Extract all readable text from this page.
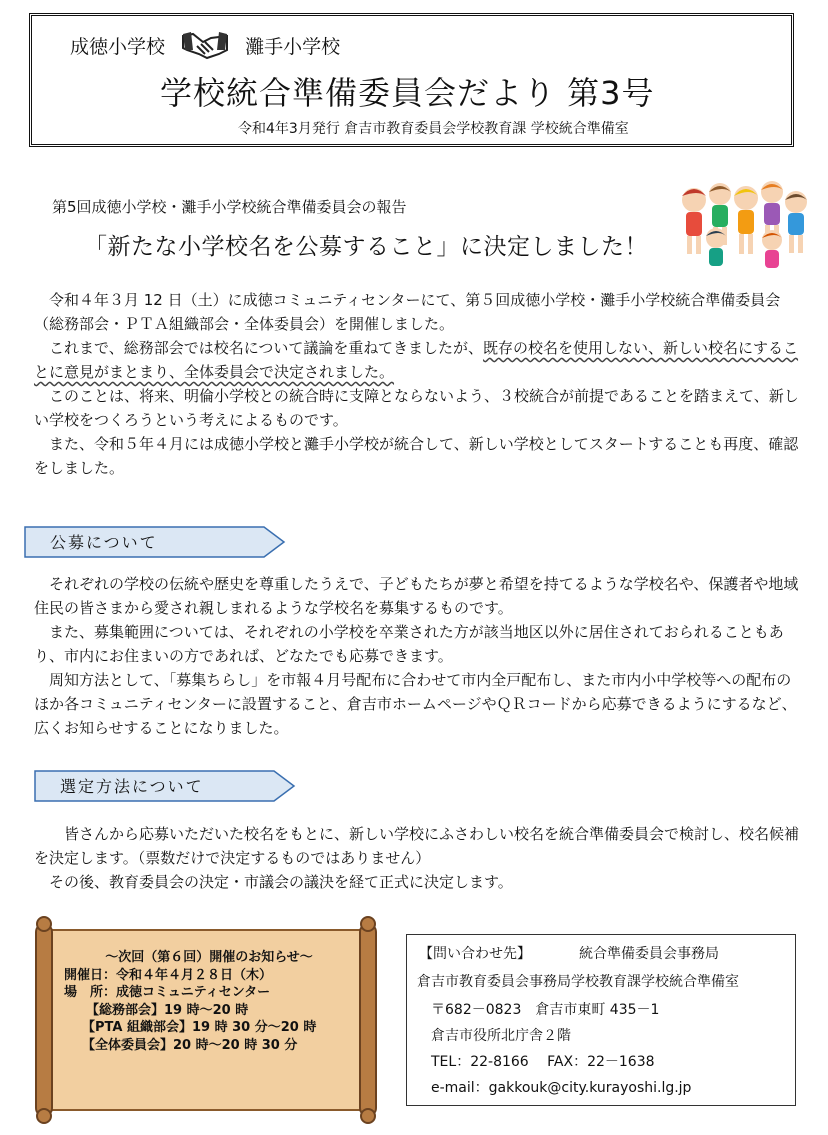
成徳小学校	灘手小学校
学校統合準備委員会だより 第3号
令和4年3月発行 倉吉市教育委員会学校教育課 学校統合準備室
第5回成徳小学校・灘手小学校統合準備委員会の報告
「新たな小学校名を公募すること」に決定しました！

令和４年３月 12 日（土）に成徳コミュニティセンターにて、第５回成徳小学校・灘手小学校統合準備委員会（総務部会・ＰＴＡ組織部会・全体委員会）を開催しました。

これまで、総務部会では校名について議論を重ねてきましたが、既存の校名を使用しない、新しい校名にすることに意見がまとまり、全体委員会で決定されました。

このことは、将来、明倫小学校との統合時に支障とならないよう、３校統合が前提であることを踏まえて、新しい学校をつくろうという考えによるものです。

また、令和５年４月には成徳小学校と灘手小学校が統合して、新しい学校としてスタートすることも再度、確認をしました。

公募について

それぞれの学校の伝統や歴史を尊重したうえで、子どもたちが夢と希望を持てるような学校名や、保護者や地域住民の皆さまから愛され親しまれるような学校名を募集するものです。

また、募集範囲については、それぞれの小学校を卒業された方が該当地区以外に居住されておられることもあり、市内にお住まいの方であれば、どなたでも応募できます。

周知方法として、「募集ちらし」を市報４月号配布に合わせて市内全戸配布し、また市内小中学校等への配布のほか各コミュニティセンターに設置すること、倉吉市ホームページやＱＲコードから応募できるようにするなど、広くお知らせすることになりました。

選定方法について

皆さんから応募いただいた校名をもとに、新しい学校にふさわしい校名を統合準備委員会で検討し、校名候補を決定します。（票数だけで決定するものではありません）

その後、教育委員会の決定・市議会の議決を経て正式に決定します。

～次回（第６回）開催のお知らせ～
開催日：令和４年４月２８日（木）
場　所：成徳コミュニティセンター
【総務部会】19 時～20 時
【PTA 組織部会】19 時 30 分～20 時
【全体委員会】20 時～20 時 30 分
【問い合わせ先】	統合準備委員会事務局
倉吉市教育委員会事務局学校教育課学校統合準備室
〒682－0823　倉吉市東町 435－1
倉吉市役所北庁舎２階
TEL：22-8166　 FAX：22－1638
e-mail：gakkouk@city.kurayoshi.lg.jp
